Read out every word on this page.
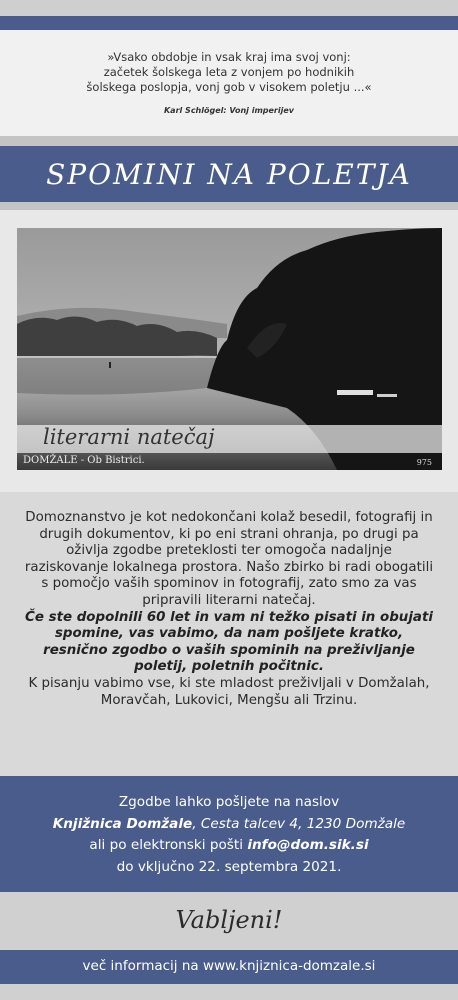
»Vsako obdobje in vsak kraj ima svoj vonj:
začetek šolskega leta z vonjem po hodnikih
šolskega poslopja, vonj gob v visokem poletju ...«
Karl Schlögel: Vonj imperijev
SPOMINI NA POLETJA
literarni natečaj
DOMŽALE - Ob Bistrici.	975
Domoznanstvo je kot nedokončani kolaž besedil, fotografij in drugih dokumentov, ki po eni strani ohranja, po drugi pa oživlja zgodbe preteklosti ter omogoča nadaljnje raziskovanje lokalnega prostora. Našo zbirko bi radi obogatili s pomočjo vaših spominov in fotografij, zato smo za vas pripravili literarni natečaj.
Če ste dopolnili 60 let in vam ni težko pisati in obujati spomine, vas vabimo, da nam pošljete kratko, resnično zgodbo o vaših spominih na preživljanje poletij, poletnih počitnic.
K pisanju vabimo vse, ki ste mladost preživljali v Domžalah, Moravčah, Lukovici, Mengšu ali Trzinu.
Zgodbe lahko pošljete na naslov
Knjižnica Domžale, Cesta talcev 4, 1230 Domžale
ali po elektronski pošti info@dom.sik.si
do vključno 22. septembra 2021.
Vabljeni!
več informacij na www.knjiznica-domzale.si
